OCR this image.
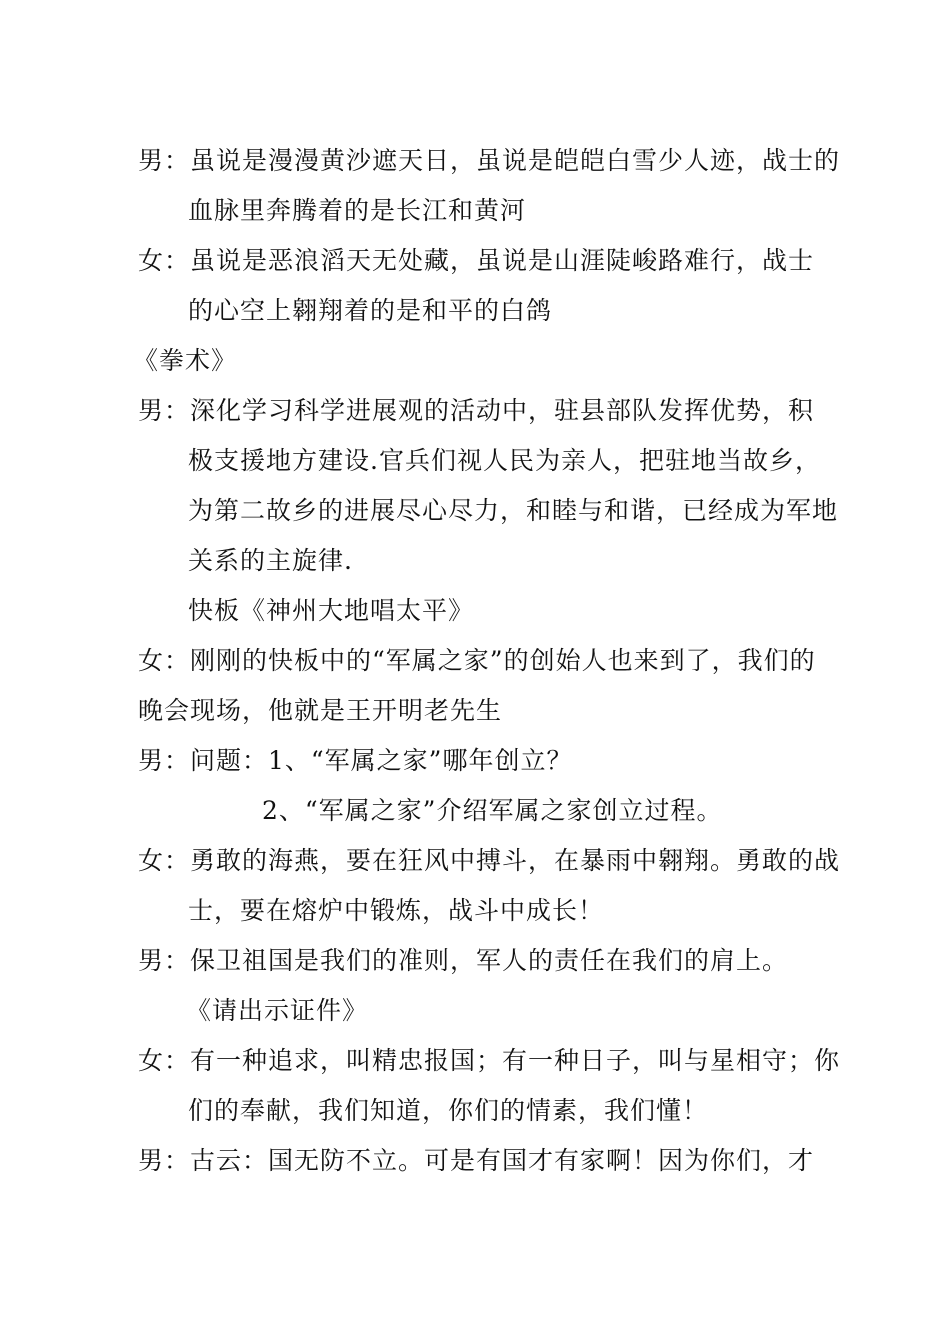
男：虽说是漫漫黄沙遮天日，虽说是皑皑白雪少人迹，战士的
血脉里奔腾着的是长江和黄河
女：虽说是恶浪滔天无处藏，虽说是山涯陡峻路难行，战士
的心空上翱翔着的是和平的白鸽
《拳术》
男：深化学习科学进展观的活动中，驻县部队发挥优势，积
极支援地方建设.官兵们视人民为亲人，把驻地当故乡，
为第二故乡的进展尽心尽力，和睦与和谐，已经成为军地
关系的主旋律.
快板《神州大地唱太平》
女：刚刚的快板中的“军属之家”的创始人也来到了，我们的
晚会现场，他就是王开明老先生
男：问题：1、“军属之家”哪年创立？
2、“军属之家”介绍军属之家创立过程。
女：勇敢的海燕，要在狂风中搏斗，在暴雨中翱翔。勇敢的战
士，要在熔炉中锻炼，战斗中成长！
男：保卫祖国是我们的准则，军人的责任在我们的肩上。
《请出示证件》
女：有一种追求，叫精忠报国；有一种日子，叫与星相守；你
们的奉献，我们知道，你们的情素，我们懂！
男：古云：国无防不立。可是有国才有家啊！因为你们，才
